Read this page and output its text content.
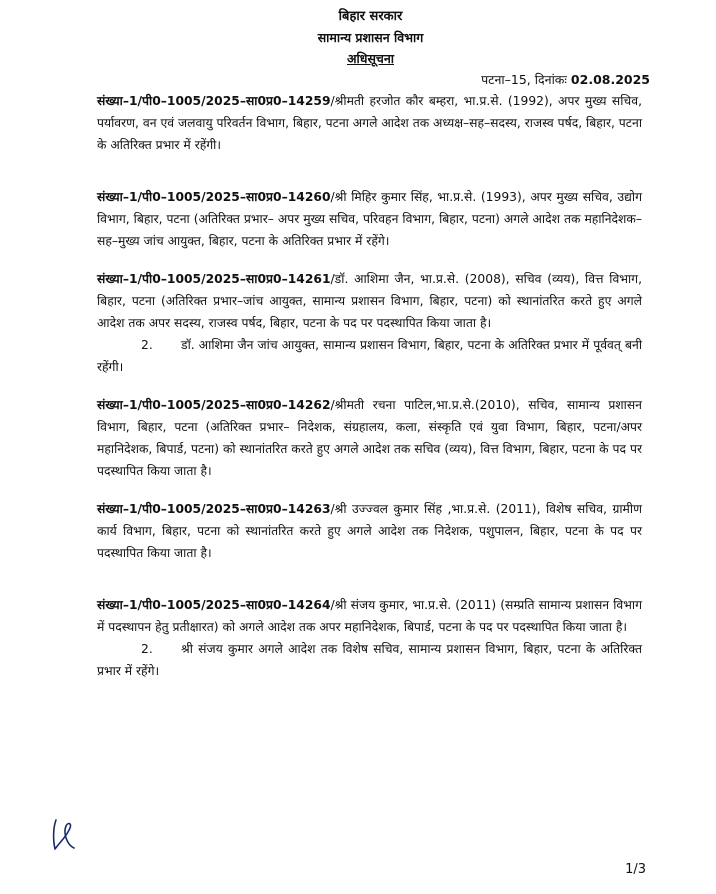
बिहार सरकार
सामान्य प्रशासन विभाग
अधिसूचना
पटना–15, दिनांकः 02.08.2025

संख्या–1/पी0–1005/2025–सा0प्र0–14259/श्रीमती हरजोत कौर बम्हरा, भा.प्र.से. (1992), अपर मुख्य सचिव, पर्यावरण, वन एवं जलवायु परिवर्तन विभाग, बिहार, पटना अगले आदेश तक अध्यक्ष–सह–सदस्य, राजस्व पर्षद, बिहार, पटना के अतिरिक्त प्रभार में रहेंगी।

संख्या–1/पी0–1005/2025–सा0प्र0–14260/श्री मिहिर कुमार सिंह, भा.प्र.से. (1993), अपर मुख्य सचिव, उद्योग विभाग, बिहार, पटना (अतिरिक्त प्रभार– अपर मुख्य सचिव, परिवहन विभाग, बिहार, पटना) अगले आदेश तक महानिदेशक–सह–मुख्य जांच आयुक्त, बिहार, पटना के अतिरिक्त प्रभार में रहेंगे।

संख्या–1/पी0–1005/2025–सा0प्र0–14261/डॉ. आशिमा जैन, भा.प्र.से. (2008), सचिव (व्यय), वित्त विभाग, बिहार, पटना (अतिरिक्त प्रभार–जांच आयुक्त, सामान्य प्रशासन विभाग, बिहार, पटना) को स्थानांतरित करते हुए अगले आदेश तक अपर सदस्य, राजस्व पर्षद, बिहार, पटना के पद पर पदस्थापित किया जाता है।

2. डॉ. आशिमा जैन जांच आयुक्त, सामान्य प्रशासन विभाग, बिहार, पटना के अतिरिक्त प्रभार में पूर्ववत् बनी रहेंगी।

संख्या–1/पी0–1005/2025–सा0प्र0–14262/श्रीमती रचना पाटिल,भा.प्र.से.(2010), सचिव, सामान्य प्रशासन विभाग, बिहार, पटना (अतिरिक्त प्रभार– निदेशक, संग्रहालय, कला, संस्कृति एवं युवा विभाग, बिहार, पटना/अपर महानिदेशक, बिपार्ड, पटना) को स्थानांतरित करते हुए अगले आदेश तक सचिव (व्यय), वित्त विभाग, बिहार, पटना के पद पर पदस्थापित किया जाता है।

संख्या–1/पी0–1005/2025–सा0प्र0–14263/श्री उज्ज्वल कुमार सिंह ,भा.प्र.से. (2011), विशेष सचिव, ग्रामीण कार्य विभाग, बिहार, पटना को स्थानांतरित करते हुए अगले आदेश तक निदेशक, पशुपालन, बिहार, पटना के पद पर पदस्थापित किया जाता है।

संख्या–1/पी0–1005/2025–सा0प्र0–14264/श्री संजय कुमार, भा.प्र.से. (2011) (सम्प्रति सामान्य प्रशासन विभाग में पदस्थापन हेतु प्रतीक्षारत) को अगले आदेश तक अपर महानिदेशक, बिपार्ड, पटना के पद पर पदस्थापित किया जाता है।

2. श्री संजय कुमार अगले आदेश तक विशेष सचिव, सामान्य प्रशासन विभाग, बिहार, पटना के अतिरिक्त प्रभार में रहेंगे।

1/3
